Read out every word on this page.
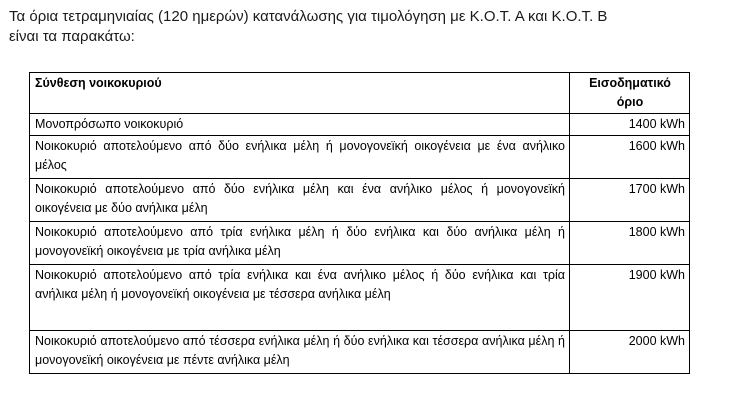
Τα όρια τετραμηνιαίας (120 ημερών) κατανάλωσης για τιμολόγηση με Κ.Ο.Τ. Α και Κ.Ο.Τ. Β

είναι τα παρακάτω:

Σύνθεση νοικοκυριού	Εισοδηματικό
όριο

Μονοπρόσωπο νοικοκυριό	1400 kWh
Νοικοκυριό αποτελούμενο από δύο ενήλικα μέλη ή μονογονεϊκή οικογένεια με ένα ανήλικο μέλος	1600 kWh
Νοικοκυριό αποτελούμενο από δύο ενήλικα μέλη και ένα ανήλικο μέλος ή μονογονεϊκή οικογένεια με δύο ανήλικα μέλη	1700 kWh
Νοικοκυριό αποτελούμενο από τρία ενήλικα μέλη ή δύο ενήλικα και δύο ανήλικα μέλη ή μονογονεϊκή οικογένεια με τρία ανήλικα μέλη	1800 kWh
Νοικοκυριό αποτελούμενο από τρία ενήλικα και ένα ανήλικο μέλος ή δύο ενήλικα και τρία ανήλικα μέλη ή μονογονεϊκή οικογένεια με τέσσερα ανήλικα μέλη	1900 kWh
Νοικοκυριό αποτελούμενο από τέσσερα ενήλικα μέλη ή δύο ενήλικα και τέσσερα ανήλικα μέλη ή μονογονεϊκή οικογένεια με πέντε ανήλικα μέλη	2000 kWh
